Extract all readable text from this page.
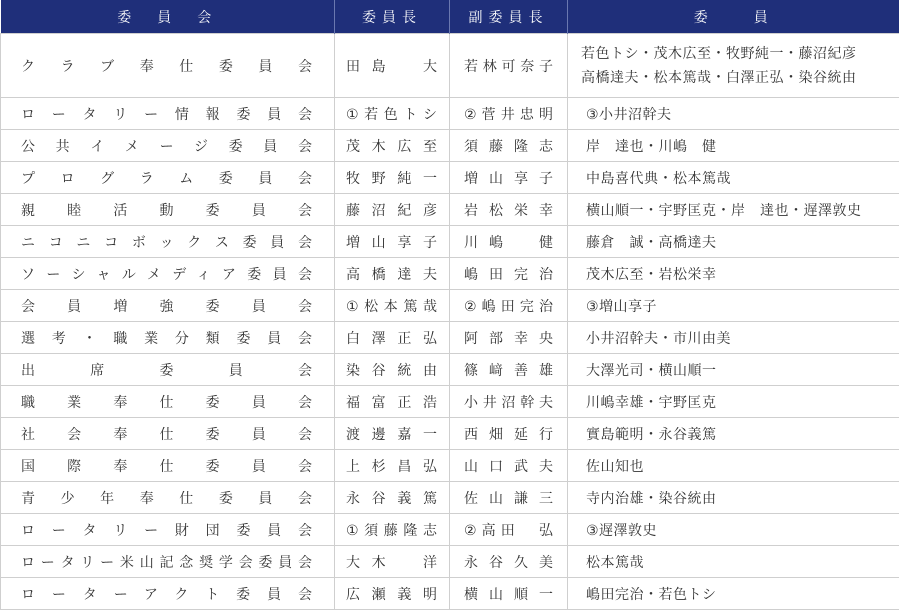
委　員　会	委員長	副委員長	委　　員
クラブ奉仕委員会	田島　大	若林可奈子	若色トシ・茂木広至・牧野純一・藤沼紀彦
高橋達夫・松本篤哉・白澤正弘・染谷統由

ロータリー情報委員会	①若色トシ	②菅井忠明	③小井沼幹夫

公共イメージ委員会	茂木広至	須藤隆志	岸　達也・川嶋　健

プログラム委員会	牧野純一	増山享子	中島喜代典・松本篤哉

親睦活動委員会	藤沼紀彦	岩松栄幸	横山順一・宇野匡克・岸　達也・遅澤敦史

ニコニコボックス委員会	増山享子	川嶋　健	藤倉　誠・高橋達夫

ソーシャルメディア委員会	高橋達夫	嶋田完治	茂木広至・岩松栄幸

会員増強委員会	①松本篤哉	②嶋田完治	③増山享子

選考・職業分類委員会	白澤正弘	阿部幸央	小井沼幹夫・市川由美

出席委員会	染谷統由	篠﨑善雄	大澤光司・横山順一

職業奉仕委員会	福富正浩	小井沼幹夫	川嶋幸雄・宇野匡克

社会奉仕委員会	渡邊嘉一	西畑延行	實島範明・永谷義篤

国際奉仕委員会	上杉昌弘	山口武夫	佐山知也

青少年奉仕委員会	永谷義篤	佐山謙三	寺内治雄・染谷統由

ロータリー財団委員会	①須藤隆志	②高田　弘	③遅澤敦史

ロータリー米山記念奨学会委員会	大木　洋	永谷久美	松本篤哉

ローターアクト委員会	広瀬義明	横山順一	嶋田完治・若色トシ
